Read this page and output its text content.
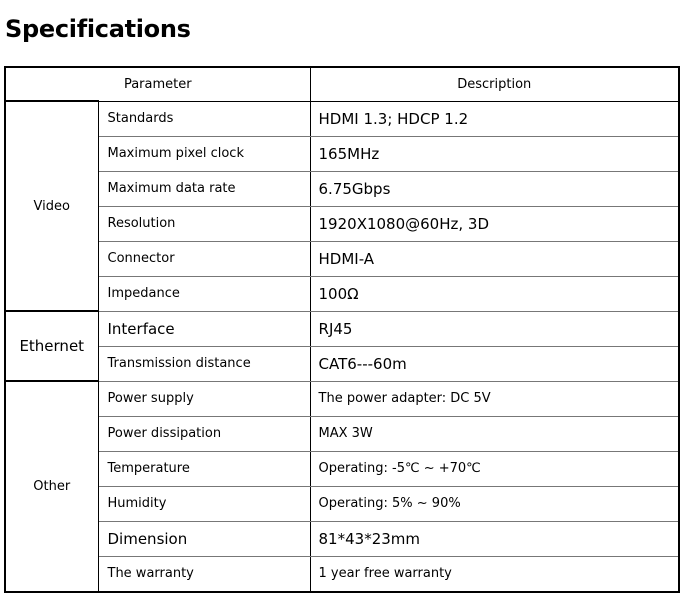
Specifications
Parameter		Description
Video	Standards	HDMI 1.3; HDCP 1.2
	Maximum pixel clock	165MHz
	Maximum data rate	6.75Gbps
	Resolution	1920X1080@60Hz, 3D
	Connector	HDMI-A
	Impedance	100Ω
Ethernet	Interface	RJ45
	Transmission distance	CAT6---60m
Other	Power supply	The power adapter: DC 5V
	Power dissipation	MAX 3W
	Temperature	Operating: -5℃ ~ +70℃
	Humidity	Operating: 5% ~ 90%
	Dimension	81*43*23mm
	The warranty	1 year free warranty
